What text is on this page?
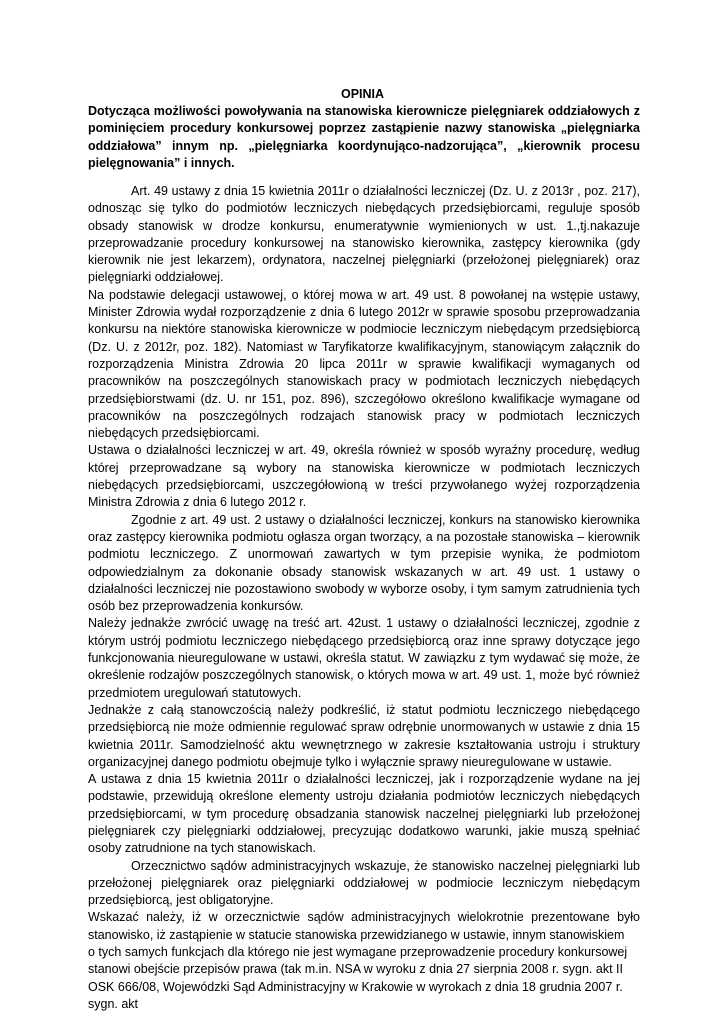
OPINIA
Dotycząca możliwości powoływania na stanowiska kierownicze pielęgniarek oddziałowych z pominięciem procedury konkursowej poprzez zastąpienie nazwy stanowiska „pielęgniarka oddziałowa” innym np. „pielęgniarka koordynująco-nadzorująca”, „kierownik procesu pielęgnowania” i innych.

Art. 49 ustawy z dnia 15 kwietnia 2011r o działalności leczniczej (Dz. U. z 2013r , poz. 217), odnosząc się tylko do podmiotów leczniczych niebędących przedsiębiorcami, reguluje sposób obsady stanowisk w drodze konkursu, enumeratywnie wymienionych w ust. 1.,tj.nakazuje przeprowadzanie procedury konkursowej na stanowisko kierownika, zastępcy kierownika (gdy kierownik nie jest lekarzem), ordynatora, naczelnej pielęgniarki (przełożonej pielęgniarek) oraz pielęgniarki oddziałowej.

Na podstawie delegacji ustawowej, o której mowa w art. 49 ust. 8 powołanej na wstępie ustawy, Minister Zdrowia wydał rozporządzenie z dnia 6 lutego 2012r w sprawie sposobu przeprowadzania konkursu na niektóre stanowiska kierownicze w podmiocie leczniczym niebędącym przedsiębiorcą (Dz. U. z 2012r, poz. 182). Natomiast w Taryfikatorze kwalifikacyjnym, stanowiącym załącznik do rozporządzenia Ministra Zdrowia 20 lipca 2011r w sprawie kwalifikacji wymaganych od pracowników na poszczególnych stanowiskach pracy w podmiotach leczniczych niebędących przedsiębiorstwami (dz. U. nr 151, poz. 896), szczegółowo określono kwalifikacje wymagane od pracowników na poszczególnych rodzajach stanowisk pracy w podmiotach leczniczych niebędących przedsiębiorcami.

Ustawa o działalności leczniczej w art. 49, określa również w sposób wyraźny procedurę, według której przeprowadzane są wybory na stanowiska kierownicze w podmiotach leczniczych niebędących przedsiębiorcami, uszczegółowioną w treści przywołanego wyżej rozporządzenia Ministra Zdrowia z dnia 6 lutego 2012 r.

Zgodnie z art. 49 ust. 2 ustawy o działalności leczniczej, konkurs na stanowisko kierownika oraz zastępcy kierownika podmiotu ogłasza organ tworzący, a na pozostałe stanowiska – kierownik podmiotu leczniczego. Z unormowań zawartych w tym przepisie wynika, że podmiotom odpowiedzialnym za dokonanie obsady stanowisk wskazanych w art. 49 ust. 1 ustawy o działalności leczniczej nie pozostawiono swobody w wyborze osoby, i tym samym zatrudnienia tych osób bez przeprowadzenia konkursów.

Należy jednakże zwrócić uwagę na treść art. 42ust. 1 ustawy o działalności leczniczej, zgodnie z którym ustrój podmiotu leczniczego niebędącego przedsiębiorcą oraz inne sprawy dotyczące jego funkcjonowania nieuregulowane w ustawi, określa statut. W zawiązku z tym wydawać się może, że określenie rodzajów poszczególnych stanowisk, o których mowa w art. 49 ust. 1, może być również przedmiotem uregulowań statutowych.

Jednakże z całą stanowczością należy podkreślić, iż statut podmiotu leczniczego niebędącego przedsiębiorcą nie może odmiennie regulować spraw odrębnie unormowanych w ustawie z dnia 15 kwietnia 2011r. Samodzielność aktu wewnętrznego w zakresie kształtowania ustroju i struktury organizacyjnej danego podmiotu obejmuje tylko i wyłącznie sprawy nieuregulowane w ustawie.

A ustawa z dnia 15 kwietnia 2011r o działalności leczniczej, jak i rozporządzenie wydane na jej podstawie, przewidują określone elementy ustroju działania podmiotów leczniczych niebędących przedsiębiorcami, w tym procedurę obsadzania stanowisk naczelnej pielęgniarki lub przełożonej pielęgniarek czy pielęgniarki oddziałowej, precyzując dodatkowo warunki, jakie muszą spełniać osoby zatrudnione na tych stanowiskach.

Orzecznictwo sądów administracyjnych wskazuje, że stanowisko naczelnej pielęgniarki lub przełożonej pielęgniarek oraz pielęgniarki oddziałowej w podmiocie leczniczym niebędącym przedsiębiorcą, jest obligatoryjne.

Wskazać należy, iż w orzecznictwie sądów administracyjnych wielokrotnie prezentowane było stanowisko, iż zastąpienie w statucie stanowiska przewidzianego w ustawie, innym stanowiskiem

o tych samych funkcjach dla którego nie jest wymagane przeprowadzenie procedury konkursowej stanowi obejście przepisów prawa (tak m.in. NSA w wyroku z dnia 27 sierpnia 2008 r. sygn. akt II OSK 666/08, Wojewódzki Sąd Administracyjny w Krakowie w wyrokach z dnia 18 grudnia 2007 r. sygn. akt
